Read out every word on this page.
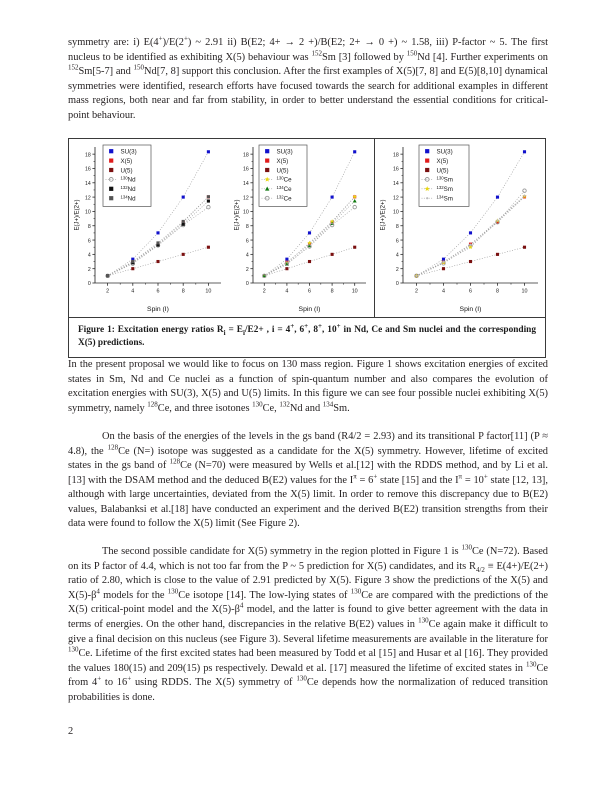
symmetry are: i) E(4+)/E(2+) ~ 2.91 ii) B(E2; 4+ → 2 +)/B(E2; 2+ → 0 +) ~ 1.58, iii) P-factor ~ 5. The first nucleus to be identified as exhibiting X(5) behaviour was $^{152}$Sm [3] followed by $^{150}$Nd [4]. Further experiments on $^{152}$Sm[5-7] and $^{150}$Nd[7, 8] support this conclusion. After the first examples of X(5)[7, 8] and E(5)[8,10] dynamical symmetries were identified, research efforts have focused towards the search for additional examples in different mass regions, both near and far from stability, in order to better understand the essential conditions for critical-point behaviour.

0
2
4
6
8
10
12
14
16
18
2	4	6	8	10
Spin (I)
E(J+)/E(2+)
SU(3)
X(5)
U(5)
$^{130}$Nd
$^{132}$Nd
$^{134}$Nd
0
2
4
6
8
10
12
14
16
18
2	4	6	8	10
Spin (I)
E(J+)/E(2+)
SU(3)
X(5)
U(5)
$^{130}$Ce
$^{134}$Ce
$^{132}$Ce
0
2
4
6
8
10
12
14
16
18
2	4	6	8	10
Spin (I)
E(J+)/E(2+)
SU(3)
X(5)
U(5)
$^{130}$Sm
$^{132}$Sm
$^{134}$Sm

Figure 1: Excitation energy ratios $R_i = E_i/E2+$ , i = 4+, 6+, 8+, 10+ in Nd, Ce and Sm nuclei and the corresponding X(5) predictions.

In the present proposal we would like to focus on 130 mass region. Figure 1 shows excitation energies of excited states in Sm, Nd and Ce nuclei as a function of spin-quantum number and also compares the evolution of excitation energies with SU(3), X(5) and U(5) limits. In this figure we can see four possible nuclei exhibiting X(5) symmetry, namely $^{128}$Ce, and three isotones $^{130}$Ce, $^{132}$Nd and $^{134}$Sm.

On the basis of the energies of the levels in the gs band (R4/2 = 2.93) and its transitional P factor[11] (P ≈ 4.8), the $^{128}$Ce (N=) isotope was suggested as a candidate for the X(5) symmetry. However, lifetime of excited states in the gs band of $^{128}$Ce (N=70) were measured by Wells et al.[12] with the RDDS method, and by Li et al.[13] with the DSAM method and the deduced B(E2) values for the $I^\pi = 6^+$ state [15] and the $I^\pi = 10^+$ state [12, 13], although with large uncertainties, deviated from the X(5) limit. In order to remove this discrepancy due to B(E2) values, Balabanksi et al.[18] have conducted an experiment and the derived B(E2) transition strengths from their data were found to follow the X(5) limit (See Figure 2).

The second possible candidate for X(5) symmetry in the region plotted in Figure 1 is $^{130}$Ce (N=72). Based on its P factor of 4.4, which is not too far from the P ~ 5 prediction for X(5) candidates, and its $R_{4/2} \equiv E(4+)/E(2+)$ ratio of 2.80, which is close to the value of 2.91 predicted by X(5). Figure 3 show the predictions of the X(5) and $X(5)-\beta^4$ models for the $^{130}$Ce isotope [14]. The low-lying states of $^{130}$Ce are compared with the predictions of the X(5) critical-point model and the $X(5)-\beta^4$ model, and the latter is found to give better agreement with the data in terms of energies. On the other hand, discrepancies in the relative B(E2) values in $^{130}$Ce again make it difficult to give a final decision on this nucleus (see Figure 3). Several lifetime measurements are available in the literature for $^{130}$Ce. Lifetime of the first excited states had been measured by Todd et al [15] and Husar et al [16]. They provided the values 180(15) and 209(15) ps respectively. Dewald et al. [17] measured the lifetime of excited states in $^{130}$Ce from 4+ to 16+ using RDDS. The X(5) symmetry of $^{130}$Ce depends how the normalization of reduced transition probabilities is done.

2
